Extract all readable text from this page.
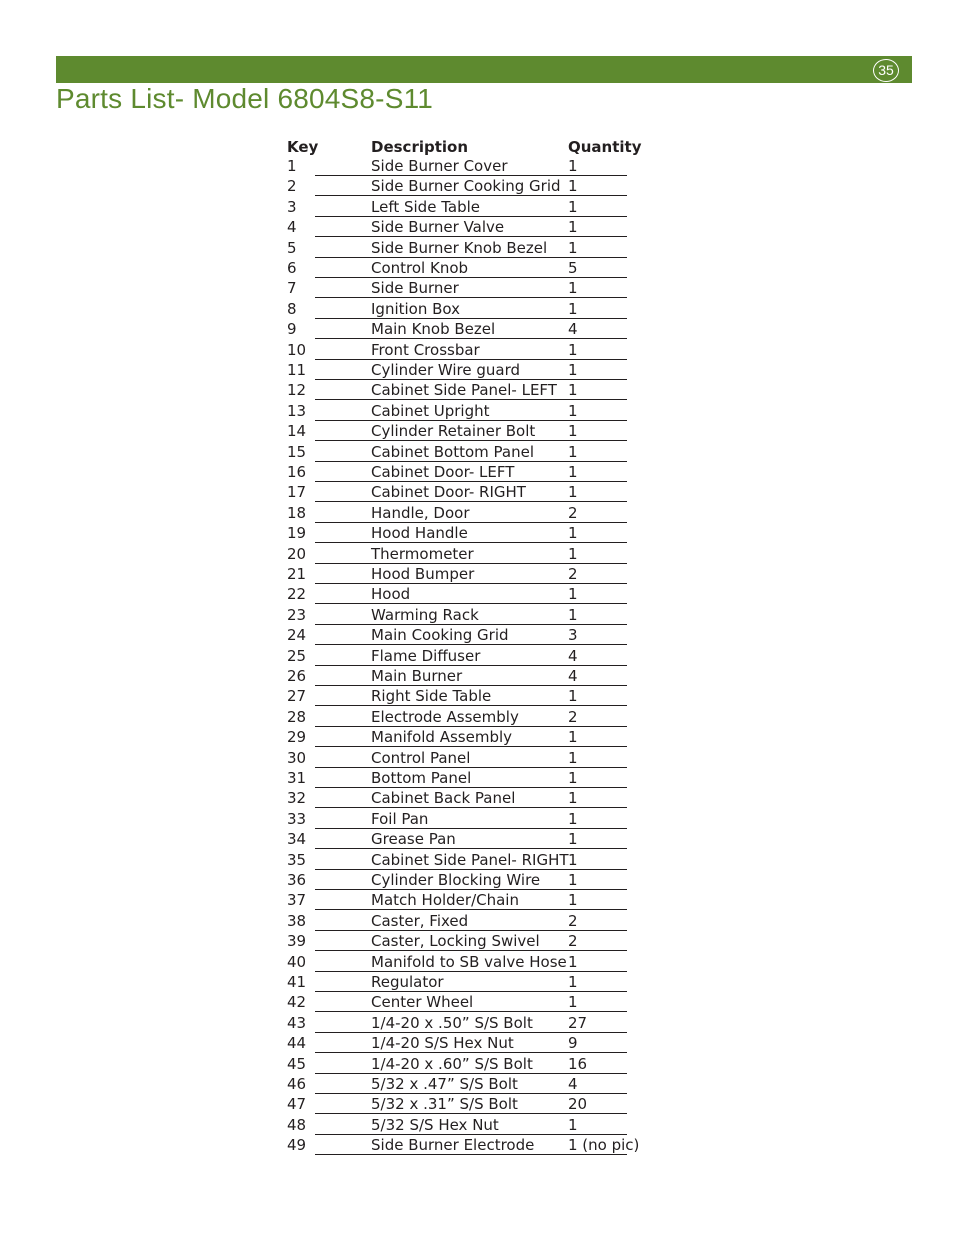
35
Parts List- Model 6804S8-S11
Key	Description	Quantity
1	Side Burner Cover	1
2	Side Burner Cooking Grid 1
3	Left Side Table	1
4	Side Burner Valve	1
5	Side Burner Knob Bezel 1
6	Control Knob	5
7	Side Burner	1
8	Ignition Box	1
9	Main Knob Bezel	4
10	Front Crossbar	1
11	Cylinder Wire guard	1
12	Cabinet Side Panel- LEFT 1
13	Cabinet Upright	1
14	Cylinder Retainer Bolt 1
15	Cabinet Bottom Panel 1
16	Cabinet Door- LEFT	1
17	Cabinet Door- RIGHT	1
18	Handle, Door	2
19	Hood Handle	1
20	Thermometer	1
21	Hood Bumper	2
22	Hood	1
23	Warming Rack	1
24	Main Cooking Grid	3
25	Flame Diffuser	4
26	Main Burner	4
27	Right Side Table	1
28	Electrode Assembly	2
29	Manifold Assembly	1
30	Control Panel	1
31	Bottom Panel	1
32	Cabinet Back Panel	1
33	Foil Pan	1
34	Grease Pan	1
35	Cabinet Side Panel- RIGHT 1
36	Cylinder Blocking Wire 1
37	Match Holder/Chain	1
38	Caster, Fixed	2
39	Caster, Locking Swivel 2
40	Manifold to SB valve Hose 1
41	Regulator	1
42	Center Wheel	1
43	1/4-20 x .50” S/S Bolt 27
44	1/4-20 S/S Hex Nut	9
45	1/4-20 x .60” S/S Bolt 16
46	5/32 x .47” S/S Bolt	4
47	5/32 x .31” S/S Bolt	20
48	5/32 S/S Hex Nut	1
49	Side Burner Electrode 1 (no pic)
